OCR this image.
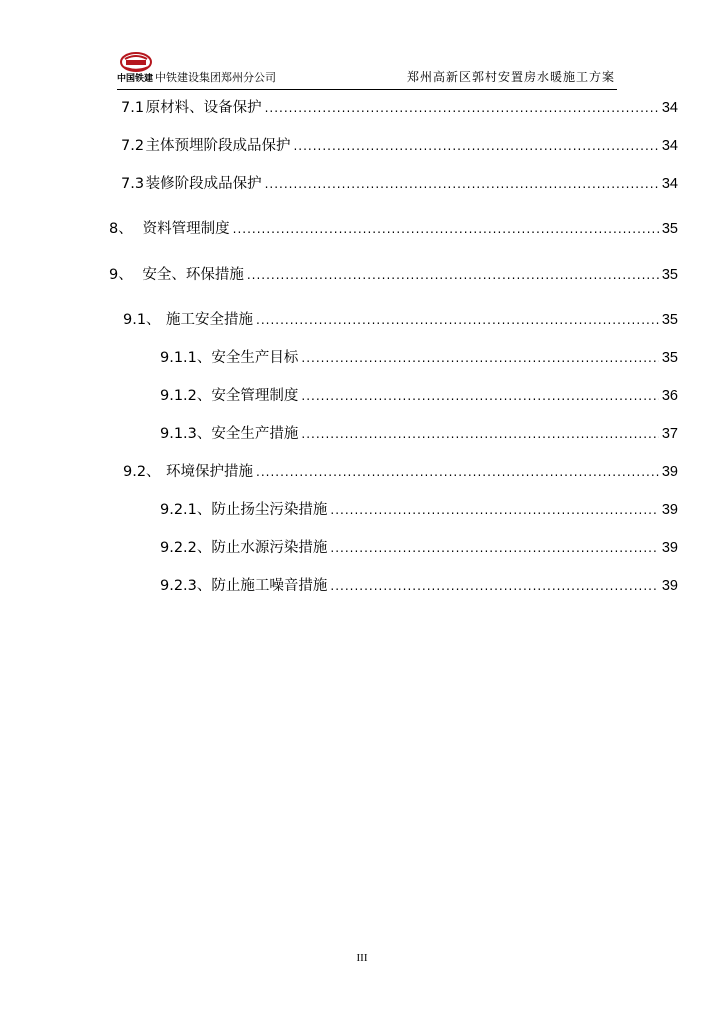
中国铁建 中铁建设集团郑州分公司	郑州高新区郭村安置房水暖施工方案
7.1 原材料、设备保护 .....	34
7.2 主体预埋阶段成品保护 .....	34
7.3 装修阶段成品保护 .....	34
8、 资料管理制度 .....	35
9、 安全、环保措施 .....	35
9.1、 施工安全措施 .....	35
9.1.1、 安全生产目标 .....	35
9.1.2、 安全管理制度 .....	36
9.1.3、 安全生产措施 .....	37
9.2、 环境保护措施 .....	39
9.2.1、 防止扬尘污染措施 .....	39
9.2.2、 防止水源污染措施 .....	39
9.2.3、 防止施工噪音措施 .....	39
III
